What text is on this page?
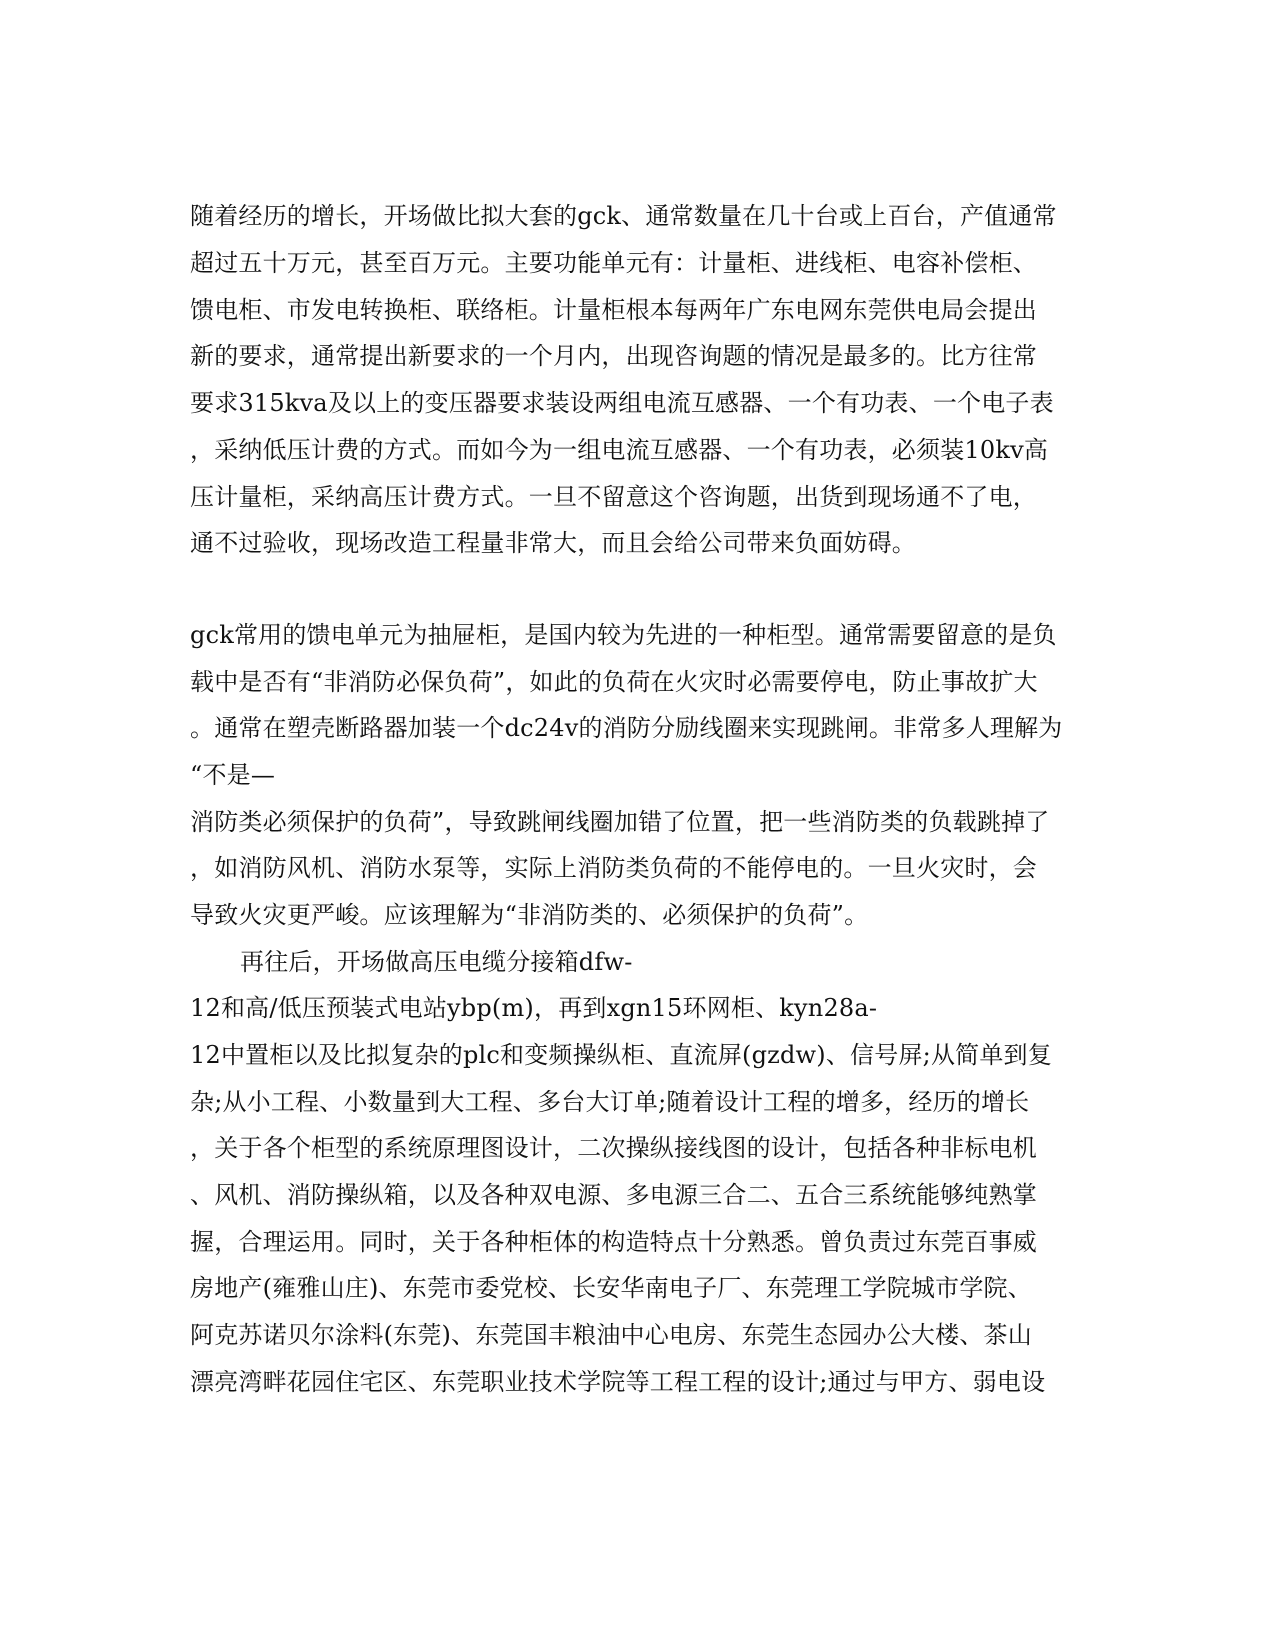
随着经历的增长，开场做比拟大套的gck、通常数量在几十台或上百台，产值通常
超过五十万元，甚至百万元。主要功能单元有：计量柜、进线柜、电容补偿柜、
馈电柜、市发电转换柜、联络柜。计量柜根本每两年广东电网东莞供电局会提出
新的要求，通常提出新要求的一个月内，出现咨询题的情况是最多的。比方往常
要求315kva及以上的变压器要求装设两组电流互感器、一个有功表、一个电子表
，采纳低压计费的方式。而如今为一组电流互感器、一个有功表，必须装10kv高
压计量柜，采纳高压计费方式。一旦不留意这个咨询题，出货到现场通不了电，
通不过验收，现场改造工程量非常大，而且会给公司带来负面妨碍。
gck常用的馈电单元为抽屉柜，是国内较为先进的一种柜型。通常需要留意的是负
载中是否有“非消防必保负荷”，如此的负荷在火灾时必需要停电，防止事故扩大
。通常在塑壳断路器加装一个dc24v的消防分励线圈来实现跳闸。非常多人理解为
“不是—
消防类必须保护的负荷”，导致跳闸线圈加错了位置，把一些消防类的负载跳掉了
，如消防风机、消防水泵等，实际上消防类负荷的不能停电的。一旦火灾时，会
导致火灾更严峻。应该理解为“非消防类的、必须保护的负荷”。
再往后，开场做高压电缆分接箱dfw-
12和高/低压预装式电站ybp(m)，再到xgn15环网柜、kyn28a-
12中置柜以及比拟复杂的plc和变频操纵柜、直流屏(gzdw)、信号屏;从简单到复
杂;从小工程、小数量到大工程、多台大订单;随着设计工程的增多，经历的增长
，关于各个柜型的系统原理图设计，二次操纵接线图的设计，包括各种非标电机
、风机、消防操纵箱，以及各种双电源、多电源三合二、五合三系统能够纯熟掌
握，合理运用。同时，关于各种柜体的构造特点十分熟悉。曾负责过东莞百事威
房地产(雍雅山庄)、东莞市委党校、长安华南电子厂、东莞理工学院城市学院、
阿克苏诺贝尔涂料(东莞)、东莞国丰粮油中心电房、东莞生态园办公大楼、茶山
漂亮湾畔花园住宅区、东莞职业技术学院等工程工程的设计;通过与甲方、弱电设
